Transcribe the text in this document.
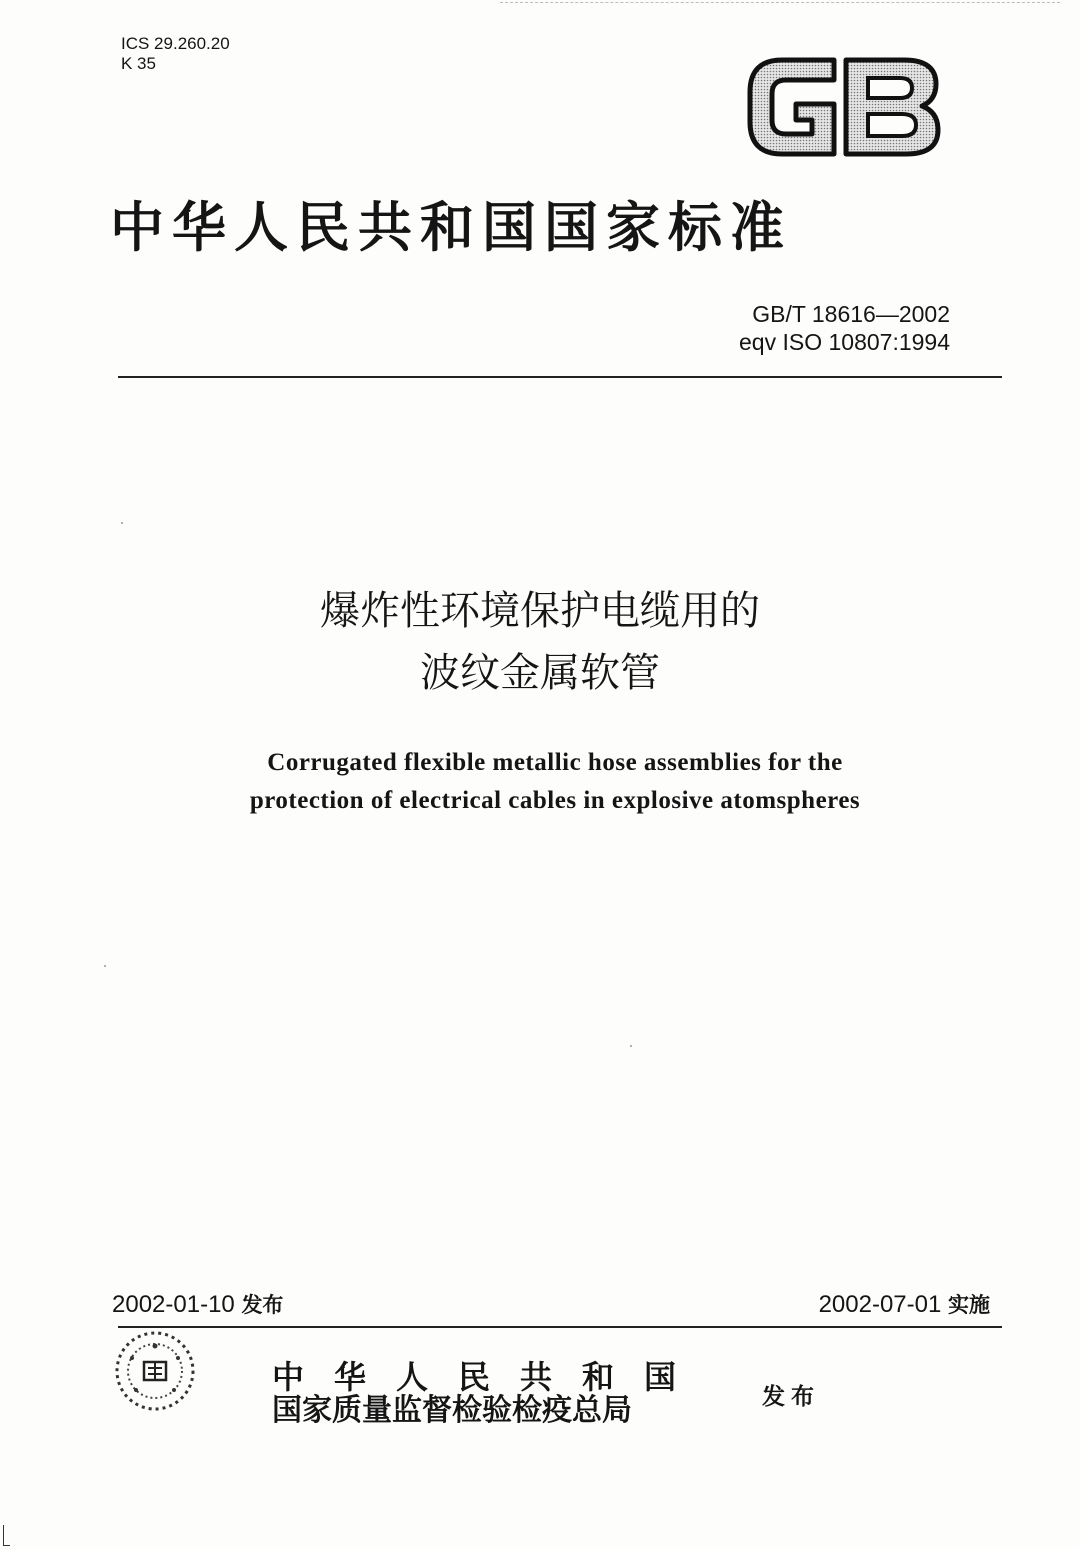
ICS 29.260.20
K 35
中华人民共和国国家标准
GB/T 18616—2002
eqv ISO 10807:1994
爆炸性环境保护电缆用的
波纹金属软管
Corrugated flexible metallic hose assemblies for the
protection of electrical cables in explosive atomspheres
2002-01-10 发布	2002-07-01 实施
中华人民共和国
国家质量监督检验检疫总局	发布
